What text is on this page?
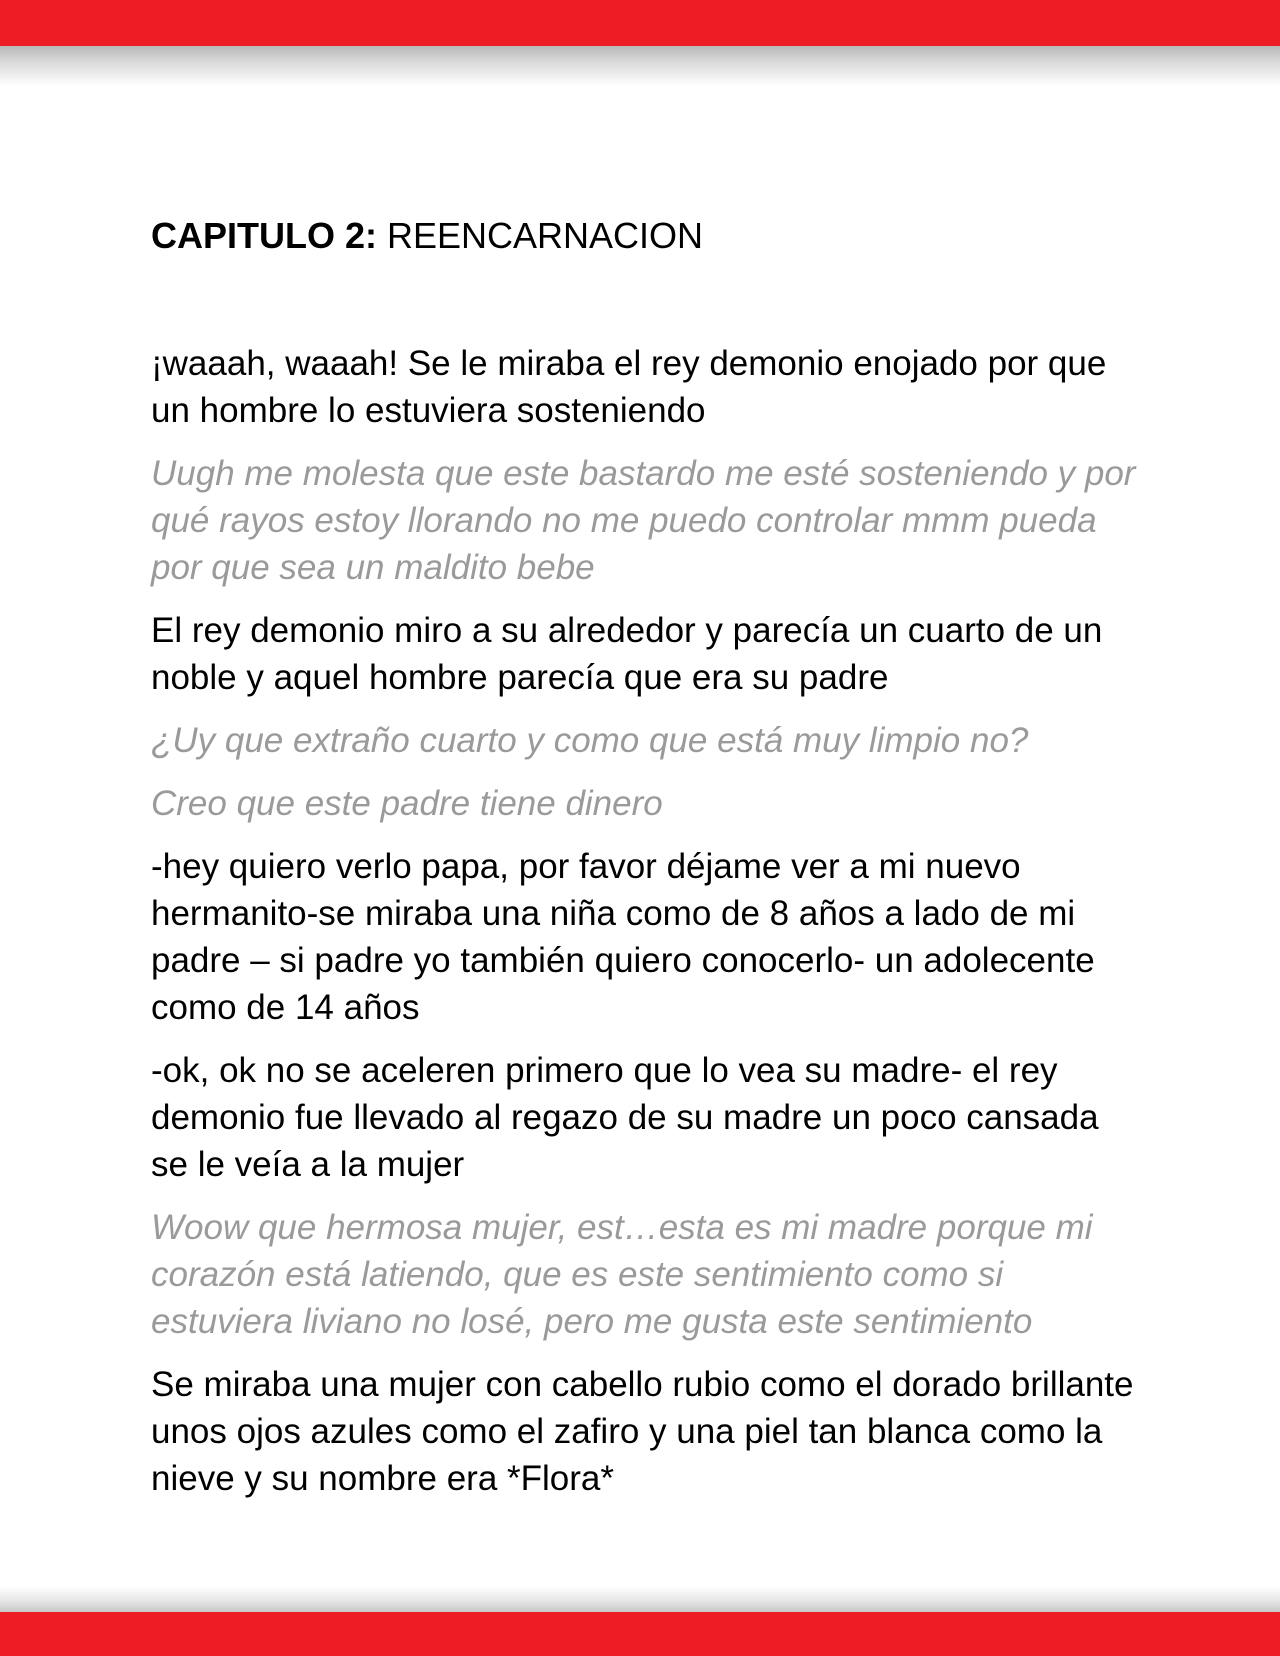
CAPITULO 2: REENCARNACION

¡waaah, waaah! Se le miraba el rey demonio enojado por que un hombre lo estuviera sosteniendo

Uugh me molesta que este bastardo me esté sosteniendo y por qué rayos estoy llorando no me puedo controlar mmm pueda por que sea un maldito bebe

El rey demonio miro a su alrededor y parecía un cuarto de un noble y aquel hombre parecía que era su padre

¿Uy que extraño cuarto y como que está muy limpio no?

Creo que este padre tiene dinero

-hey quiero verlo papa, por favor déjame ver a mi nuevo hermanito-se miraba una niña como de 8 años a lado de mi padre – si padre yo también quiero conocerlo- un adolecente como de 14 años

-ok, ok no se aceleren primero que lo vea su madre- el rey demonio fue llevado al regazo de su madre un poco cansada se le veía a la mujer

Woow que hermosa mujer, est…esta es mi madre porque mi corazón está latiendo, que es este sentimiento como si estuviera liviano no losé, pero me gusta este sentimiento

Se miraba una mujer con cabello rubio como el dorado brillante unos ojos azules como el zafiro y una piel tan blanca como la nieve y su nombre era *Flora*
